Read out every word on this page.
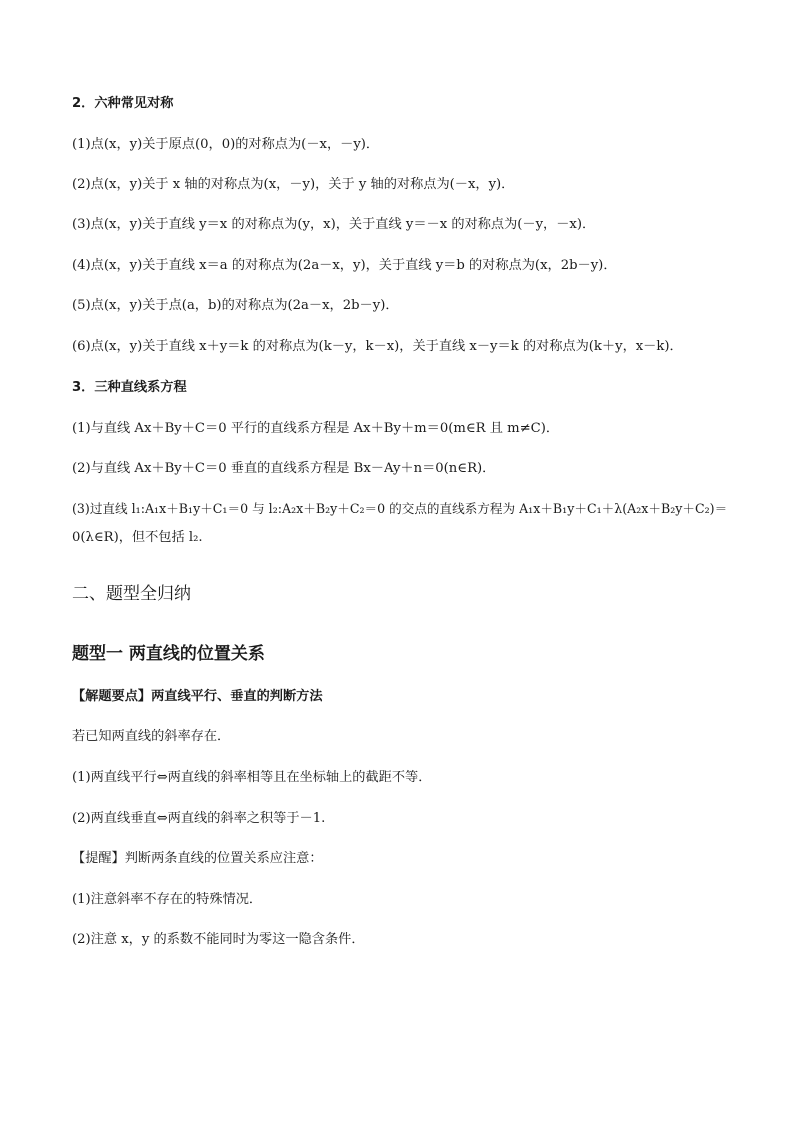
2．六种常见对称
(1)点(x，y)关于原点(0，0)的对称点为(－x，－y)．
(2)点(x，y)关于 x 轴的对称点为(x，－y)，关于 y 轴的对称点为(－x，y)．
(3)点(x，y)关于直线 y＝x 的对称点为(y，x)，关于直线 y＝－x 的对称点为(－y，－x)．
(4)点(x，y)关于直线 x＝a 的对称点为(2a－x，y)，关于直线 y＝b 的对称点为(x，2b－y)．
(5)点(x，y)关于点(a，b)的对称点为(2a－x，2b－y)．
(6)点(x，y)关于直线 x＋y＝k 的对称点为(k－y，k－x)，关于直线 x－y＝k 的对称点为(k＋y，x－k)．
3．三种直线系方程
(1)与直线 Ax＋By＋C＝0 平行的直线系方程是 Ax＋By＋m＝0(m∈R 且 m≠C)．
(2)与直线 Ax＋By＋C＝0 垂直的直线系方程是 Bx－Ay＋n＝0(n∈R)．
(3)过直线 l₁:A₁x＋B₁y＋C₁＝0 与 l₂:A₂x＋B₂y＋C₂＝0 的交点的直线系方程为 A₁x＋B₁y＋C₁＋λ(A₂x＋B₂y＋C₂)＝
0(λ∈R)，但不包括 l₂.
二、题型全归纳
题型一 两直线的位置关系
【解题要点】两直线平行、垂直的判断方法
若已知两直线的斜率存在．
(1)两直线平行⇔两直线的斜率相等且在坐标轴上的截距不等．
(2)两直线垂直⇔两直线的斜率之积等于－1.
【提醒】判断两条直线的位置关系应注意：
(1)注意斜率不存在的特殊情况．
(2)注意 x，y 的系数不能同时为零这一隐含条件．
